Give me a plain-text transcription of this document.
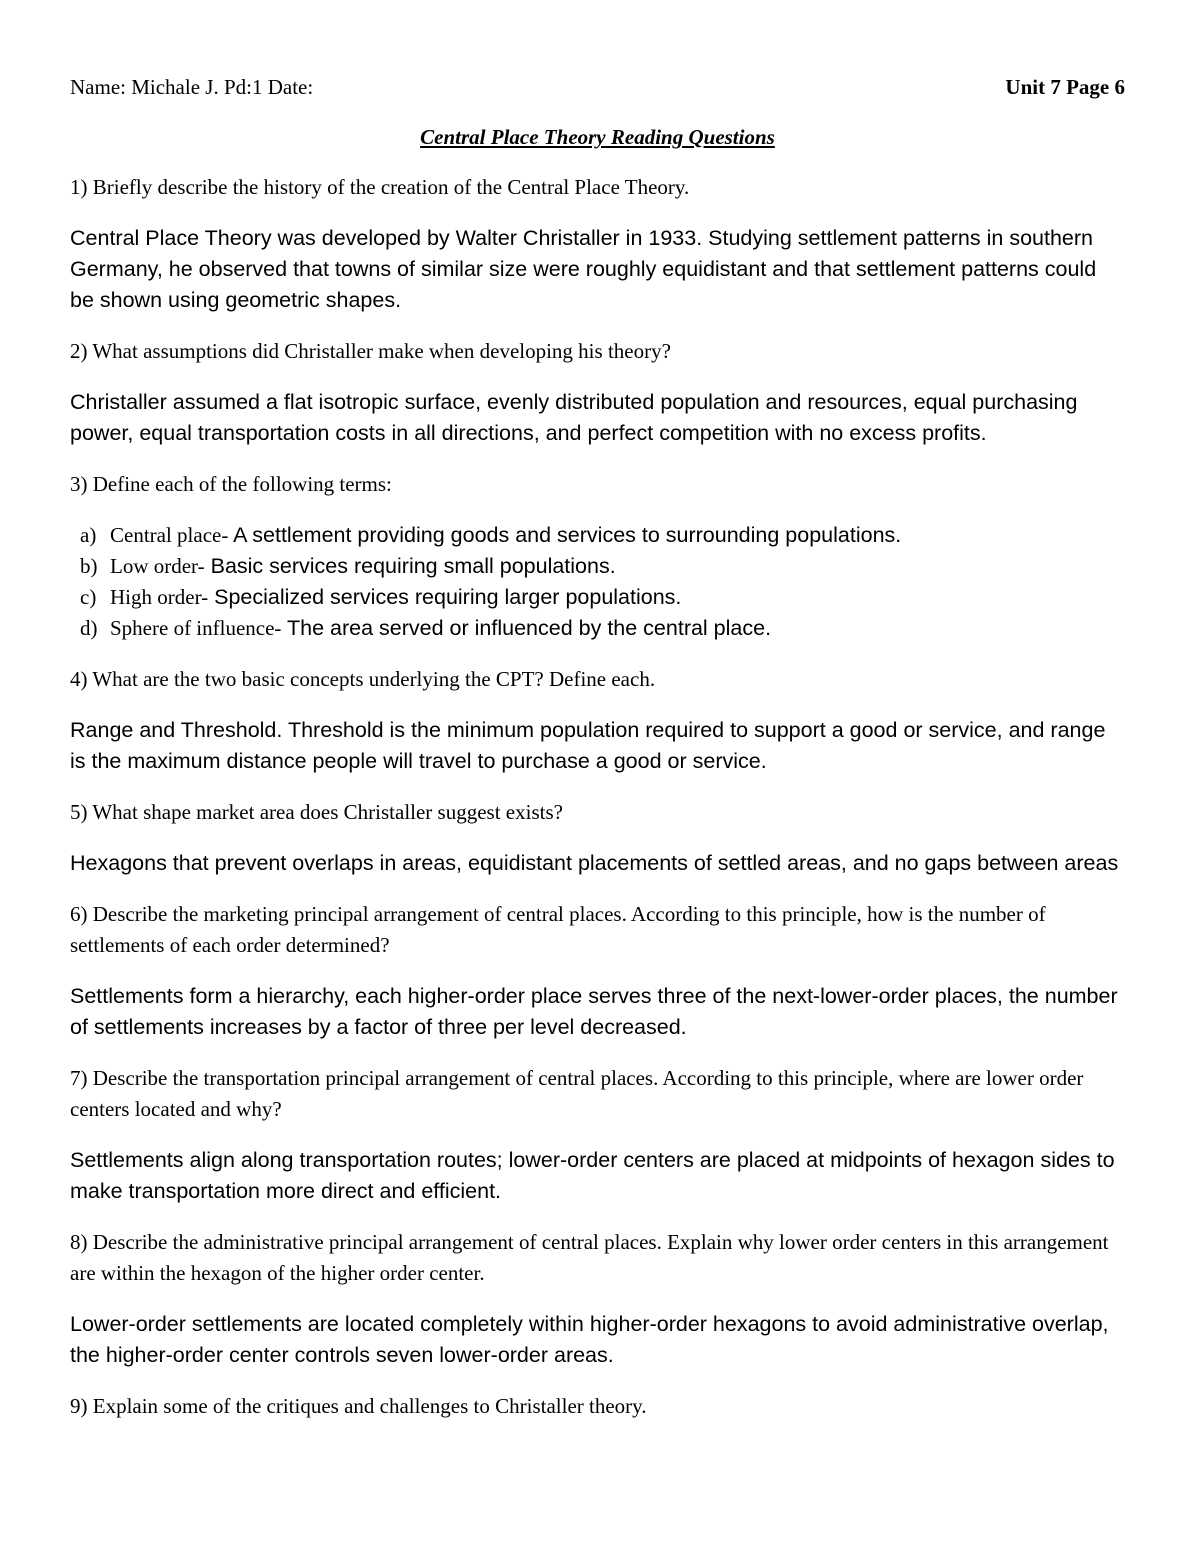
Name: Michale J. Pd:1 Date:	Unit 7 Page 6
Central Place Theory Reading Questions

1) Briefly describe the history of the creation of the Central Place Theory.

Central Place Theory was developed by Walter Christaller in 1933. Studying settlement patterns in southern Germany, he observed that towns of similar size were roughly equidistant and that settlement patterns could be shown using geometric shapes.

2) What assumptions did Christaller make when developing his theory?

Christaller assumed a flat isotropic surface, evenly distributed population and resources, equal purchasing power, equal transportation costs in all directions, and perfect competition with no excess profits.

3) Define each of the following terms:

a) Central place- A settlement providing goods and services to surrounding populations.
b) Low order- Basic services requiring small populations.
c) High order- Specialized services requiring larger populations.
d) Sphere of influence- The area served or influenced by the central place.

4) What are the two basic concepts underlying the CPT? Define each.

Range and Threshold. Threshold is the minimum population required to support a good or service, and range is the maximum distance people will travel to purchase a good or service.

5) What shape market area does Christaller suggest exists?

Hexagons that prevent overlaps in areas, equidistant placements of settled areas, and no gaps between areas

6) Describe the marketing principal arrangement of central places. According to this principle, how is the number of settlements of each order determined?

Settlements form a hierarchy, each higher-order place serves three of the next-lower-order places, the number of settlements increases by a factor of three per level decreased.

7) Describe the transportation principal arrangement of central places. According to this principle, where are lower order centers located and why?

Settlements align along transportation routes; lower-order centers are placed at midpoints of hexagon sides to make transportation more direct and efficient.

8) Describe the administrative principal arrangement of central places. Explain why lower order centers in this arrangement are within the hexagon of the higher order center.

Lower-order settlements are located completely within higher-order hexagons to avoid administrative overlap, the higher-order center controls seven lower-order areas.

9) Explain some of the critiques and challenges to Christaller theory.
